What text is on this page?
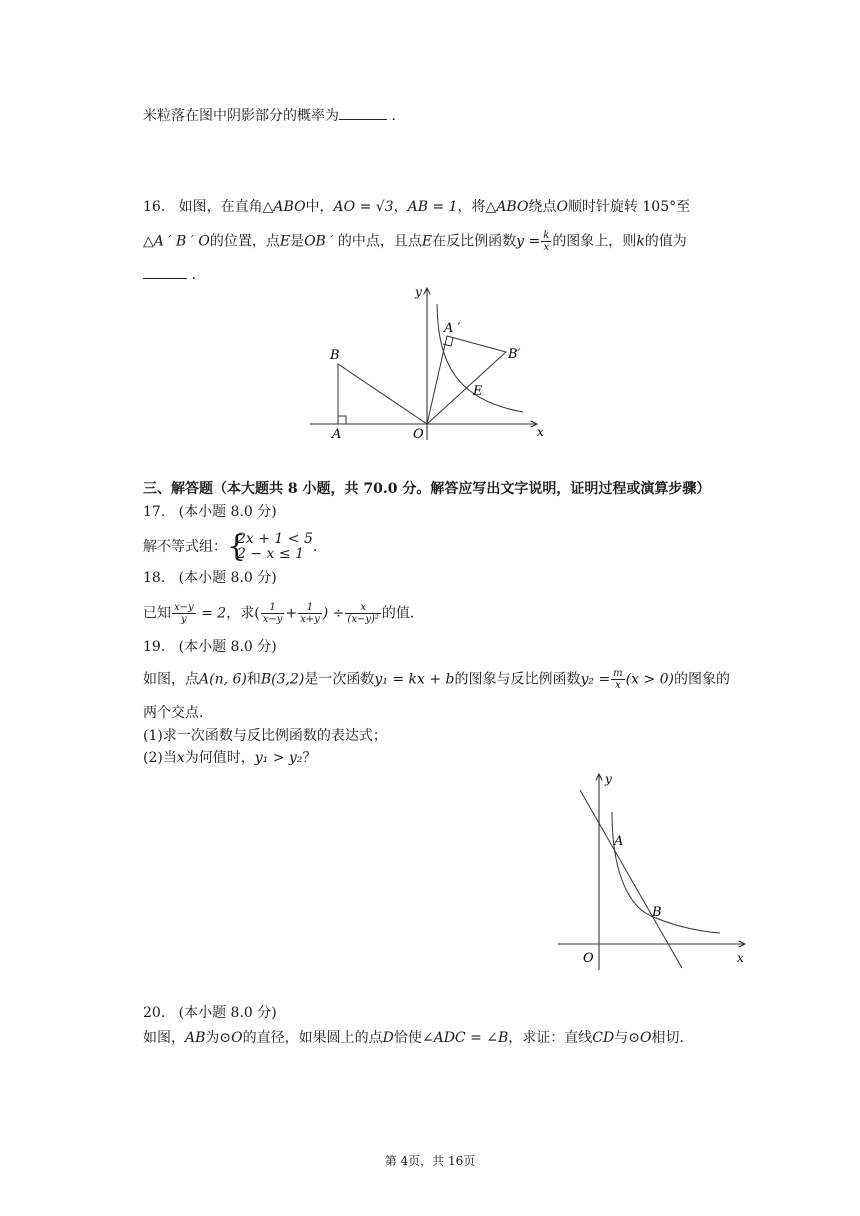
米粒落在图中阴影部分的概率为	．
16. 如图，在直角△ABO中，AO = √3，AB = 1，将△ABO绕点O顺时针旋转 105°至
△A ′ B ′ O的位置，点E是OB ′ 的中点，且点E在反比例函数$y = \frac{k}{x}$ 的图象上，则k的值为
．
x
y
B
A	O
A ′
B′
E
三、解答题（本大题共 8 小题，共 70.0 分。解答应写出文字说明，证明过程或演算步骤）
17. (本小题 8.0 分)
解不等式组： {
2x + 1 < 5
2 − x ≤ 1 .
18. (本小题 8.0 分)
已知 $\frac{x-y}{y} = 2$，求( $\frac{1}{x-y} + \frac{1}{x+y}$ ) ÷ $\frac{x}{\text{(x−y)²}}$ 的值.
19. (本小题 8.0 分)
如图，点A(n, 6)和B(3,2)是一次函数y₁ = kx + b的图象与反比例函数$y_2 = \frac{m}{x} (x > 0)$的图象的
两个交点.
(1)求一次函数与反比例函数的表达式；
(2)当x为何值时，y₁ > y₂？
x
y
O
A
B
20. (本小题 8.0 分)
如图，AB为⊙O的直径，如果圆上的点D恰使∠ADC = ∠B，求证：直线CD与⊙O相切.
第 4页，共 16页
